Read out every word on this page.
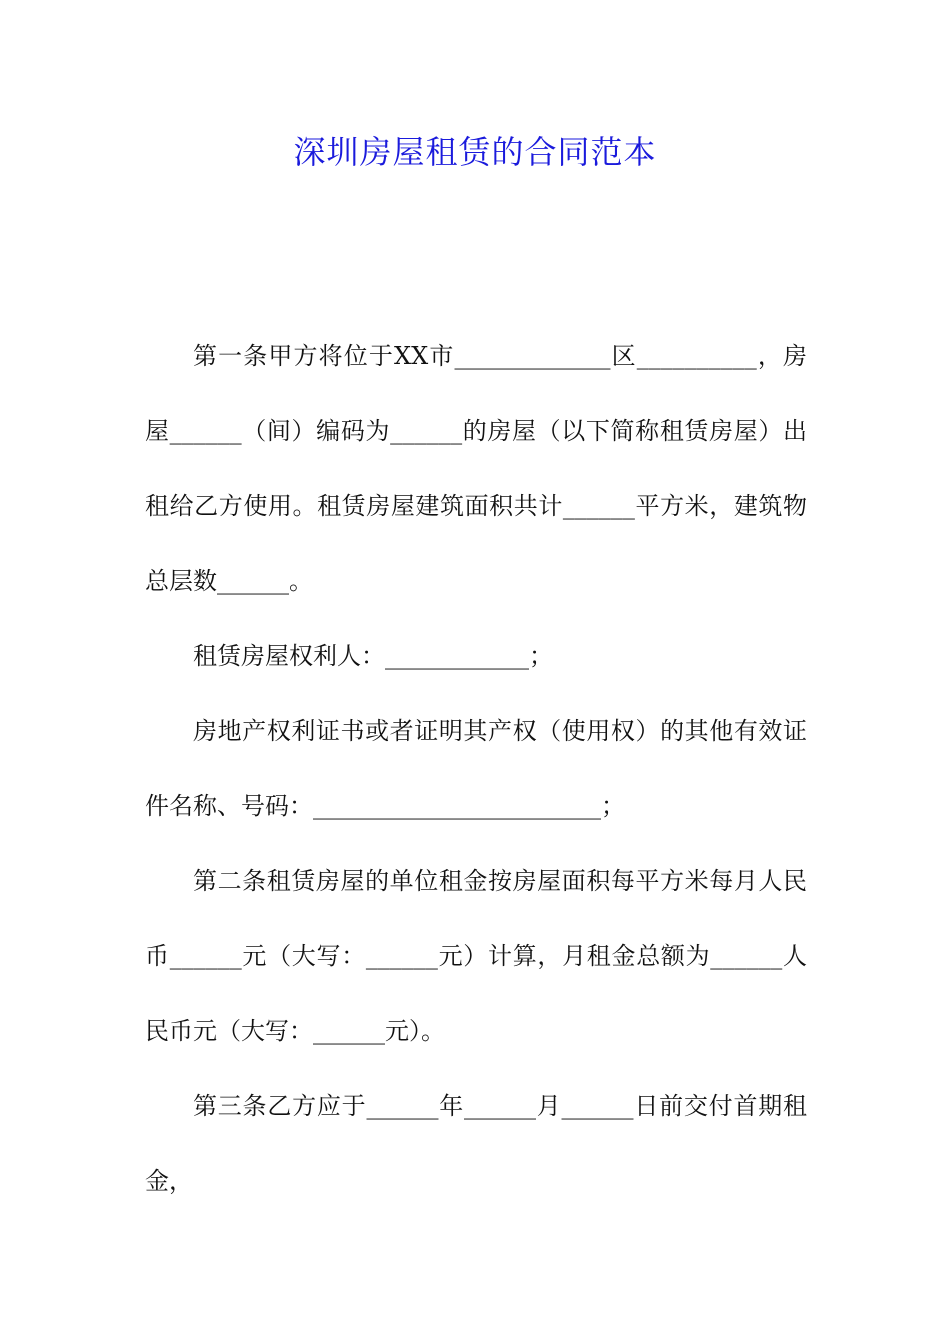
深圳房屋租赁的合同范本
第一条甲方将位于XX市_____________区__________，房
屋______（间）编码为______的房屋（以下简称租赁房屋）出
租给乙方使用。租赁房屋建筑面积共计______平方米，建筑物
总层数______。
租赁房屋权利人：____________；
房地产权利证书或者证明其产权（使用权）的其他有效证
件名称、号码：________________________；
第二条租赁房屋的单位租金按房屋面积每平方米每月人民
币______元（大写：______元）计算，月租金总额为______人
民币元（大写：______元）。
第三条乙方应于______年______月______日前交付首期租
金，
